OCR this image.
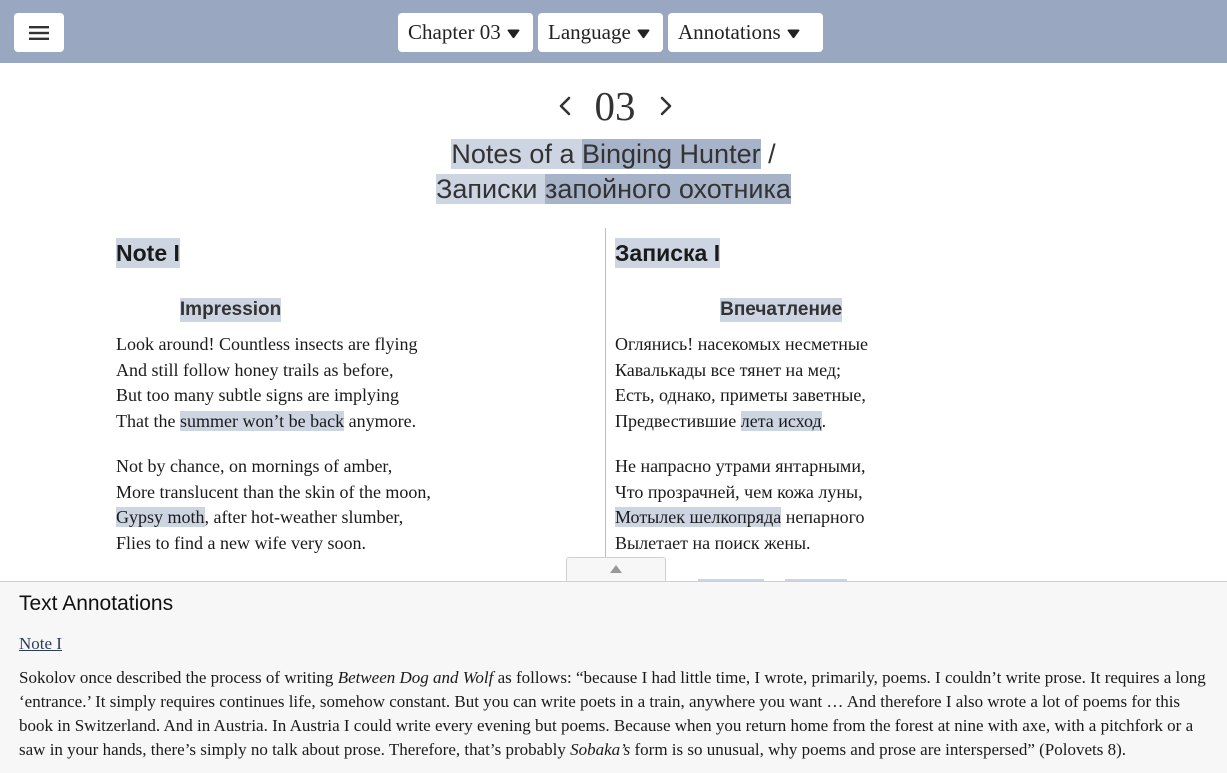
Chapter 03	Language	Annotations
03
Notes of a Binging Hunter /
Записки запойного охотника
Note I
Impression
Look around! Countless insects are flying
And still follow honey trails as before,
But too many subtle signs are implying
That the summer won’t be back anymore.
Not by chance, on mornings of amber,
More translucent than the skin of the moon,
Gypsy moth, after hot-weather slumber,
Flies to find a new wife very soon.
Записка I
Впечатление
Оглянись! насекомых несметные
Кавалькады все тянет на мед;
Есть, однако, приметы заветные,
Предвестившие лета исход.
Не напрасно утрами янтарными,
Что прозрачней, чем кожа луны,
Мотылек шелкопряда непарного
Вылетает на поиск жены.
Text Annotations
Note I

Sokolov once described the process of writing Between Dog and Wolf as follows: “because I had little time, I wrote, primarily, poems. I couldn’t write prose. It requires a long ‘entrance.’ It simply requires continues life, somehow constant. But you can write poets in a train, anywhere you want … And therefore I also wrote a lot of poems for this book in Switzerland. And in Austria. In Austria I could write every evening but poems. Because when you return home from the forest at nine with axe, with a pitchfork or a saw in your hands, there’s simply no talk about prose. Therefore, that’s probably Sobaka’s form is so unusual, why poems and prose are interspersed” (Polovets 8).
